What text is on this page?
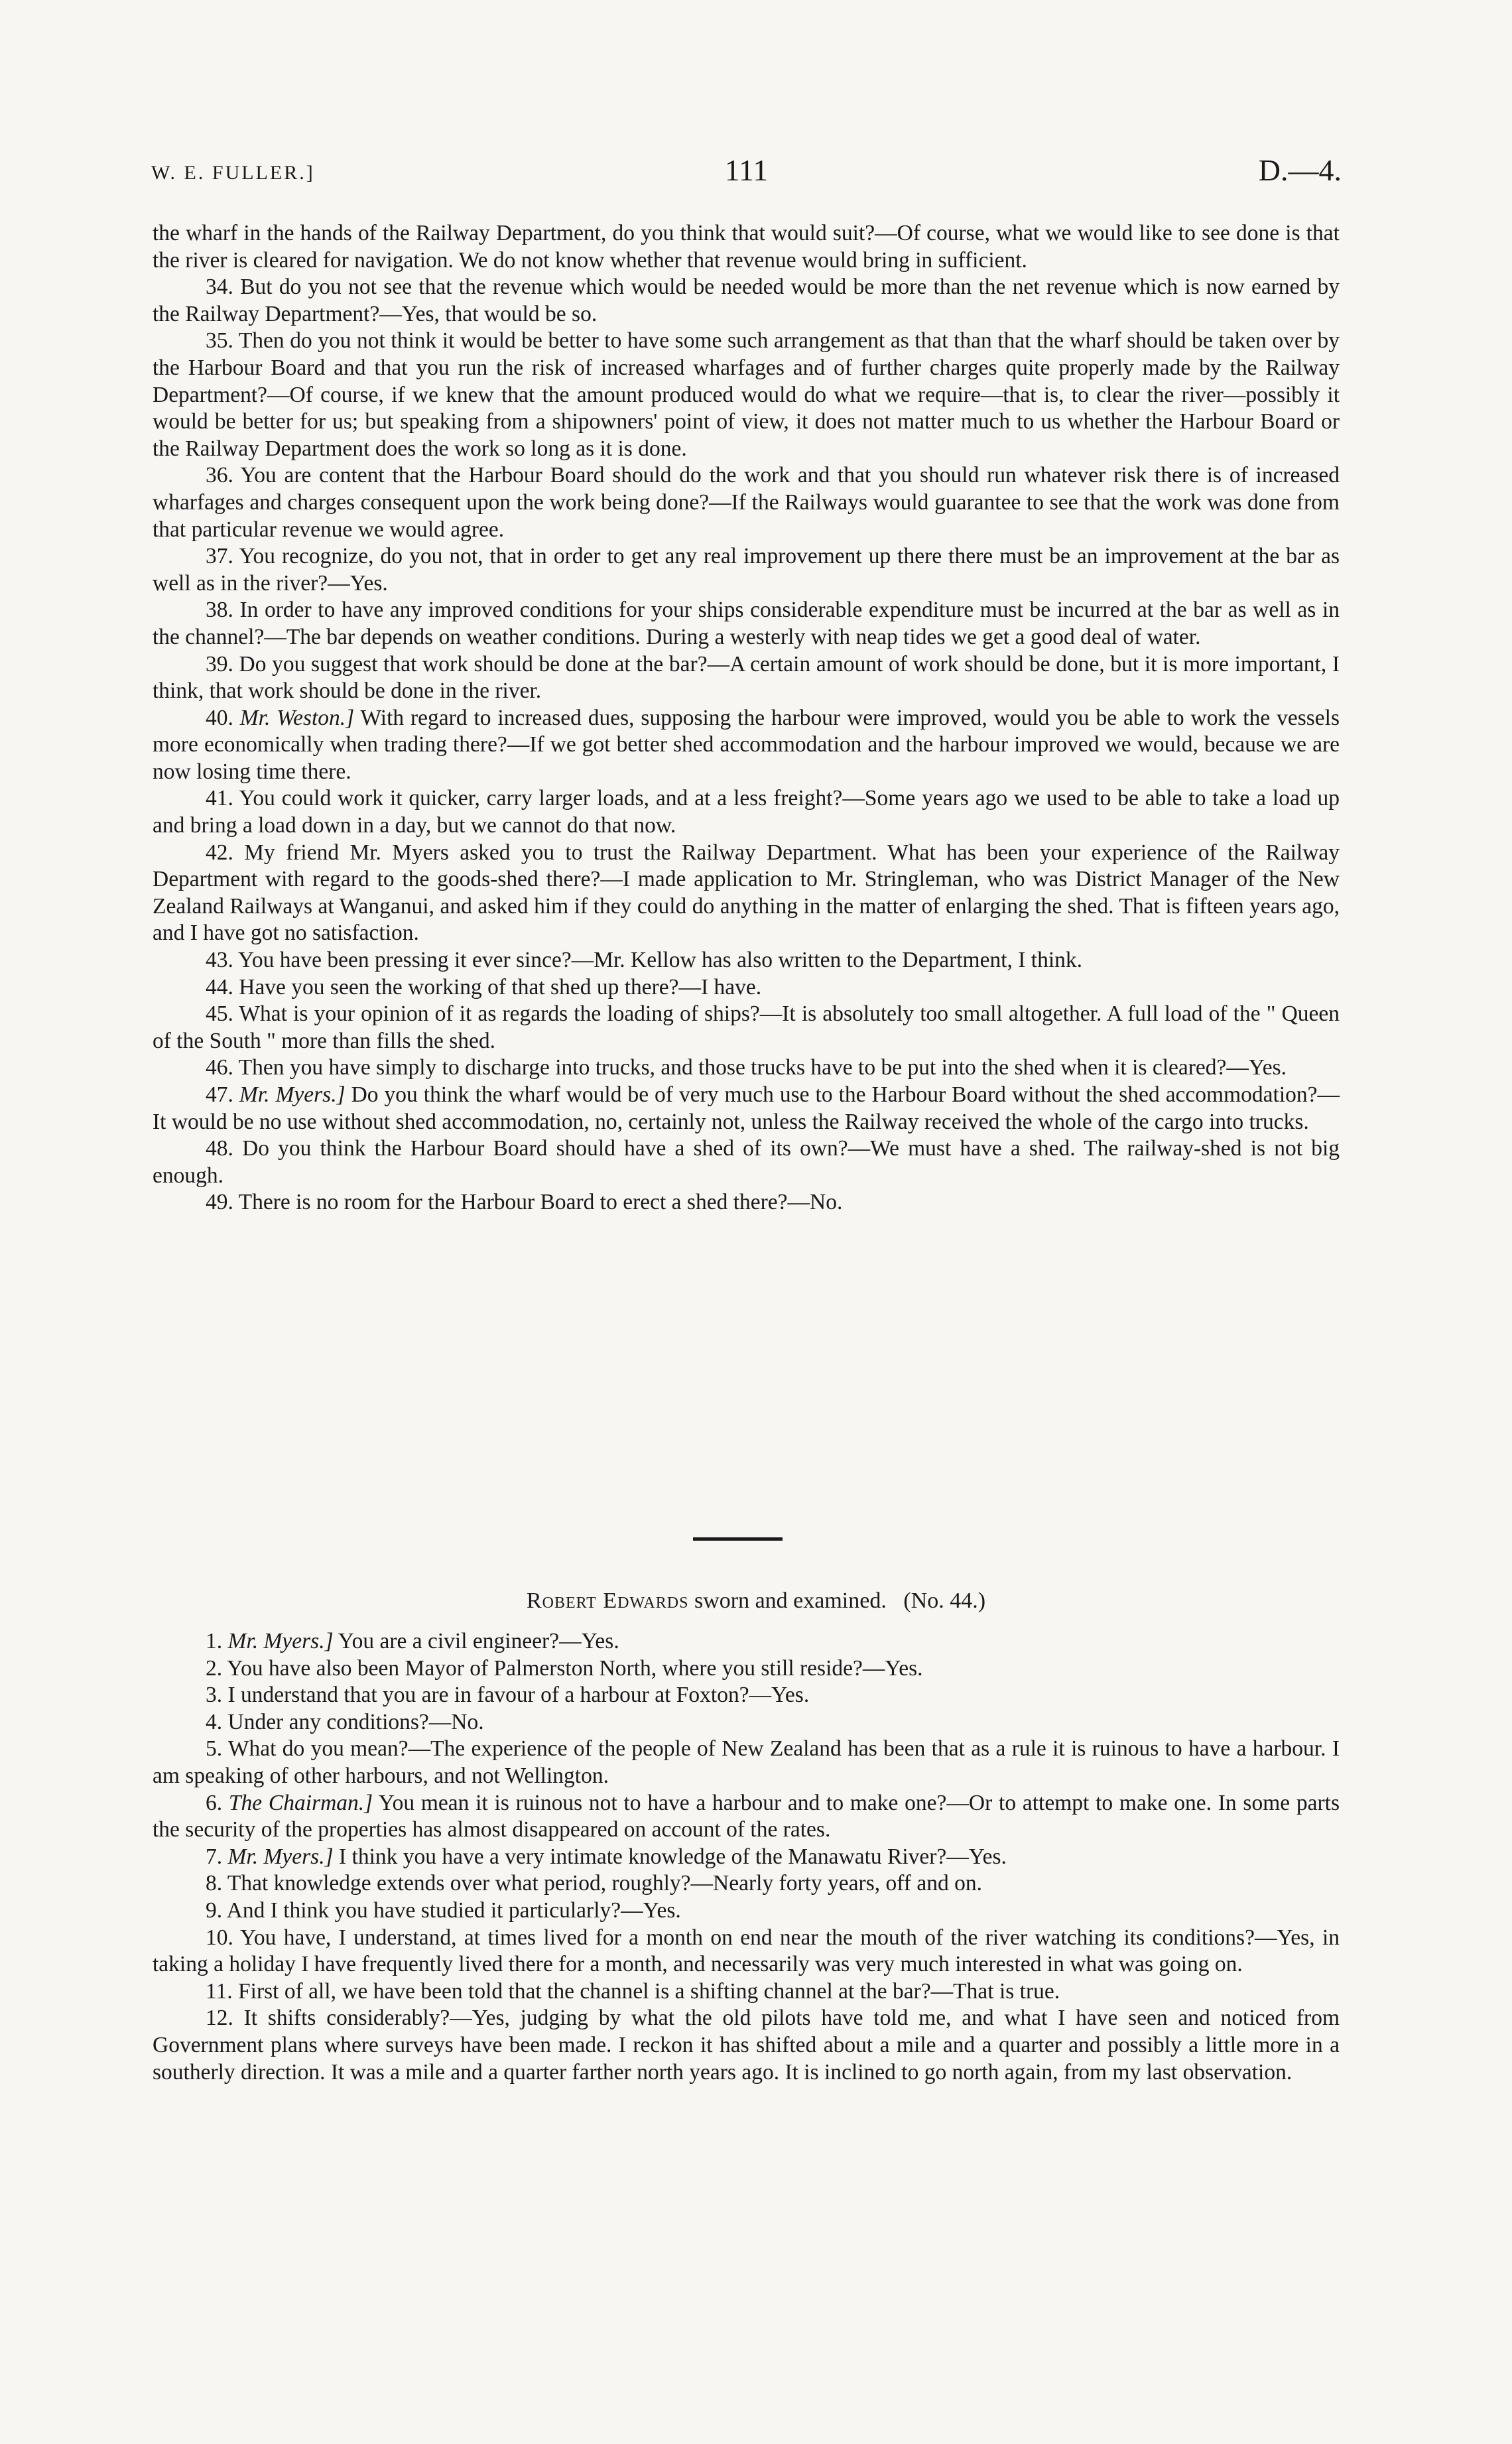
W. E. FULLER.]	111	D.—4.

the wharf in the hands of the Railway Department, do you think that would suit?—Of course, what we would like to see done is that the river is cleared for navigation. We do not know whether that revenue would bring in sufficient.

34. But do you not see that the revenue which would be needed would be more than the net revenue which is now earned by the Railway Department?—Yes, that would be so.

35. Then do you not think it would be better to have some such arrangement as that than that the wharf should be taken over by the Harbour Board and that you run the risk of increased wharfages and of further charges quite properly made by the Railway Department?—Of course, if we knew that the amount produced would do what we require—that is, to clear the river—possibly it would be better for us; but speaking from a shipowners' point of view, it does not matter much to us whether the Harbour Board or the Railway Department does the work so long as it is done.

36. You are content that the Harbour Board should do the work and that you should run whatever risk there is of increased wharfages and charges consequent upon the work being done?—If the Railways would guarantee to see that the work was done from that particular revenue we would agree.

37. You recognize, do you not, that in order to get any real improvement up there there must be an improvement at the bar as well as in the river?—Yes.

38. In order to have any improved conditions for your ships considerable expenditure must be incurred at the bar as well as in the channel?—The bar depends on weather conditions. During a westerly with neap tides we get a good deal of water.

39. Do you suggest that work should be done at the bar?—A certain amount of work should be done, but it is more important, I think, that work should be done in the river.

40. Mr. Weston.] With regard to increased dues, supposing the harbour were improved, would you be able to work the vessels more economically when trading there?—If we got better shed accommodation and the harbour improved we would, because we are now losing time there.

41. You could work it quicker, carry larger loads, and at a less freight?—Some years ago we used to be able to take a load up and bring a load down in a day, but we cannot do that now.

42. My friend Mr. Myers asked you to trust the Railway Department. What has been your experience of the Railway Department with regard to the goods-shed there?—I made application to Mr. Stringleman, who was District Manager of the New Zealand Railways at Wanganui, and asked him if they could do anything in the matter of enlarging the shed. That is fifteen years ago, and I have got no satisfaction.

43. You have been pressing it ever since?—Mr. Kellow has also written to the Department, I think.

44. Have you seen the working of that shed up there?—I have.

45. What is your opinion of it as regards the loading of ships?—It is absolutely too small altogether. A full load of the " Queen of the South " more than fills the shed.

46. Then you have simply to discharge into trucks, and those trucks have to be put into the shed when it is cleared?—Yes.

47. Mr. Myers.] Do you think the wharf would be of very much use to the Harbour Board without the shed accommodation?—It would be no use without shed accommodation, no, certainly not, unless the Railway received the whole of the cargo into trucks.

48. Do you think the Harbour Board should have a shed of its own?—We must have a shed. The railway-shed is not big enough.

49. There is no room for the Harbour Board to erect a shed there?—No.

Robert Edwards sworn and examined. (No. 44.)

1. Mr. Myers.] You are a civil engineer?—Yes.

2. You have also been Mayor of Palmerston North, where you still reside?—Yes.

3. I understand that you are in favour of a harbour at Foxton?—Yes.

4. Under any conditions?—No.

5. What do you mean?—The experience of the people of New Zealand has been that as a rule it is ruinous to have a harbour. I am speaking of other harbours, and not Wellington.

6. The Chairman.] You mean it is ruinous not to have a harbour and to make one?—Or to attempt to make one. In some parts the security of the properties has almost disappeared on account of the rates.

7. Mr. Myers.] I think you have a very intimate knowledge of the Manawatu River?—Yes.

8. That knowledge extends over what period, roughly?—Nearly forty years, off and on.

9. And I think you have studied it particularly?—Yes.

10. You have, I understand, at times lived for a month on end near the mouth of the river watching its conditions?—Yes, in taking a holiday I have frequently lived there for a month, and necessarily was very much interested in what was going on.

11. First of all, we have been told that the channel is a shifting channel at the bar?—That is true.

12. It shifts considerably?—Yes, judging by what the old pilots have told me, and what I have seen and noticed from Government plans where surveys have been made. I reckon it has shifted about a mile and a quarter and possibly a little more in a southerly direction. It was a mile and a quarter farther north years ago. It is inclined to go north again, from my last observation.
